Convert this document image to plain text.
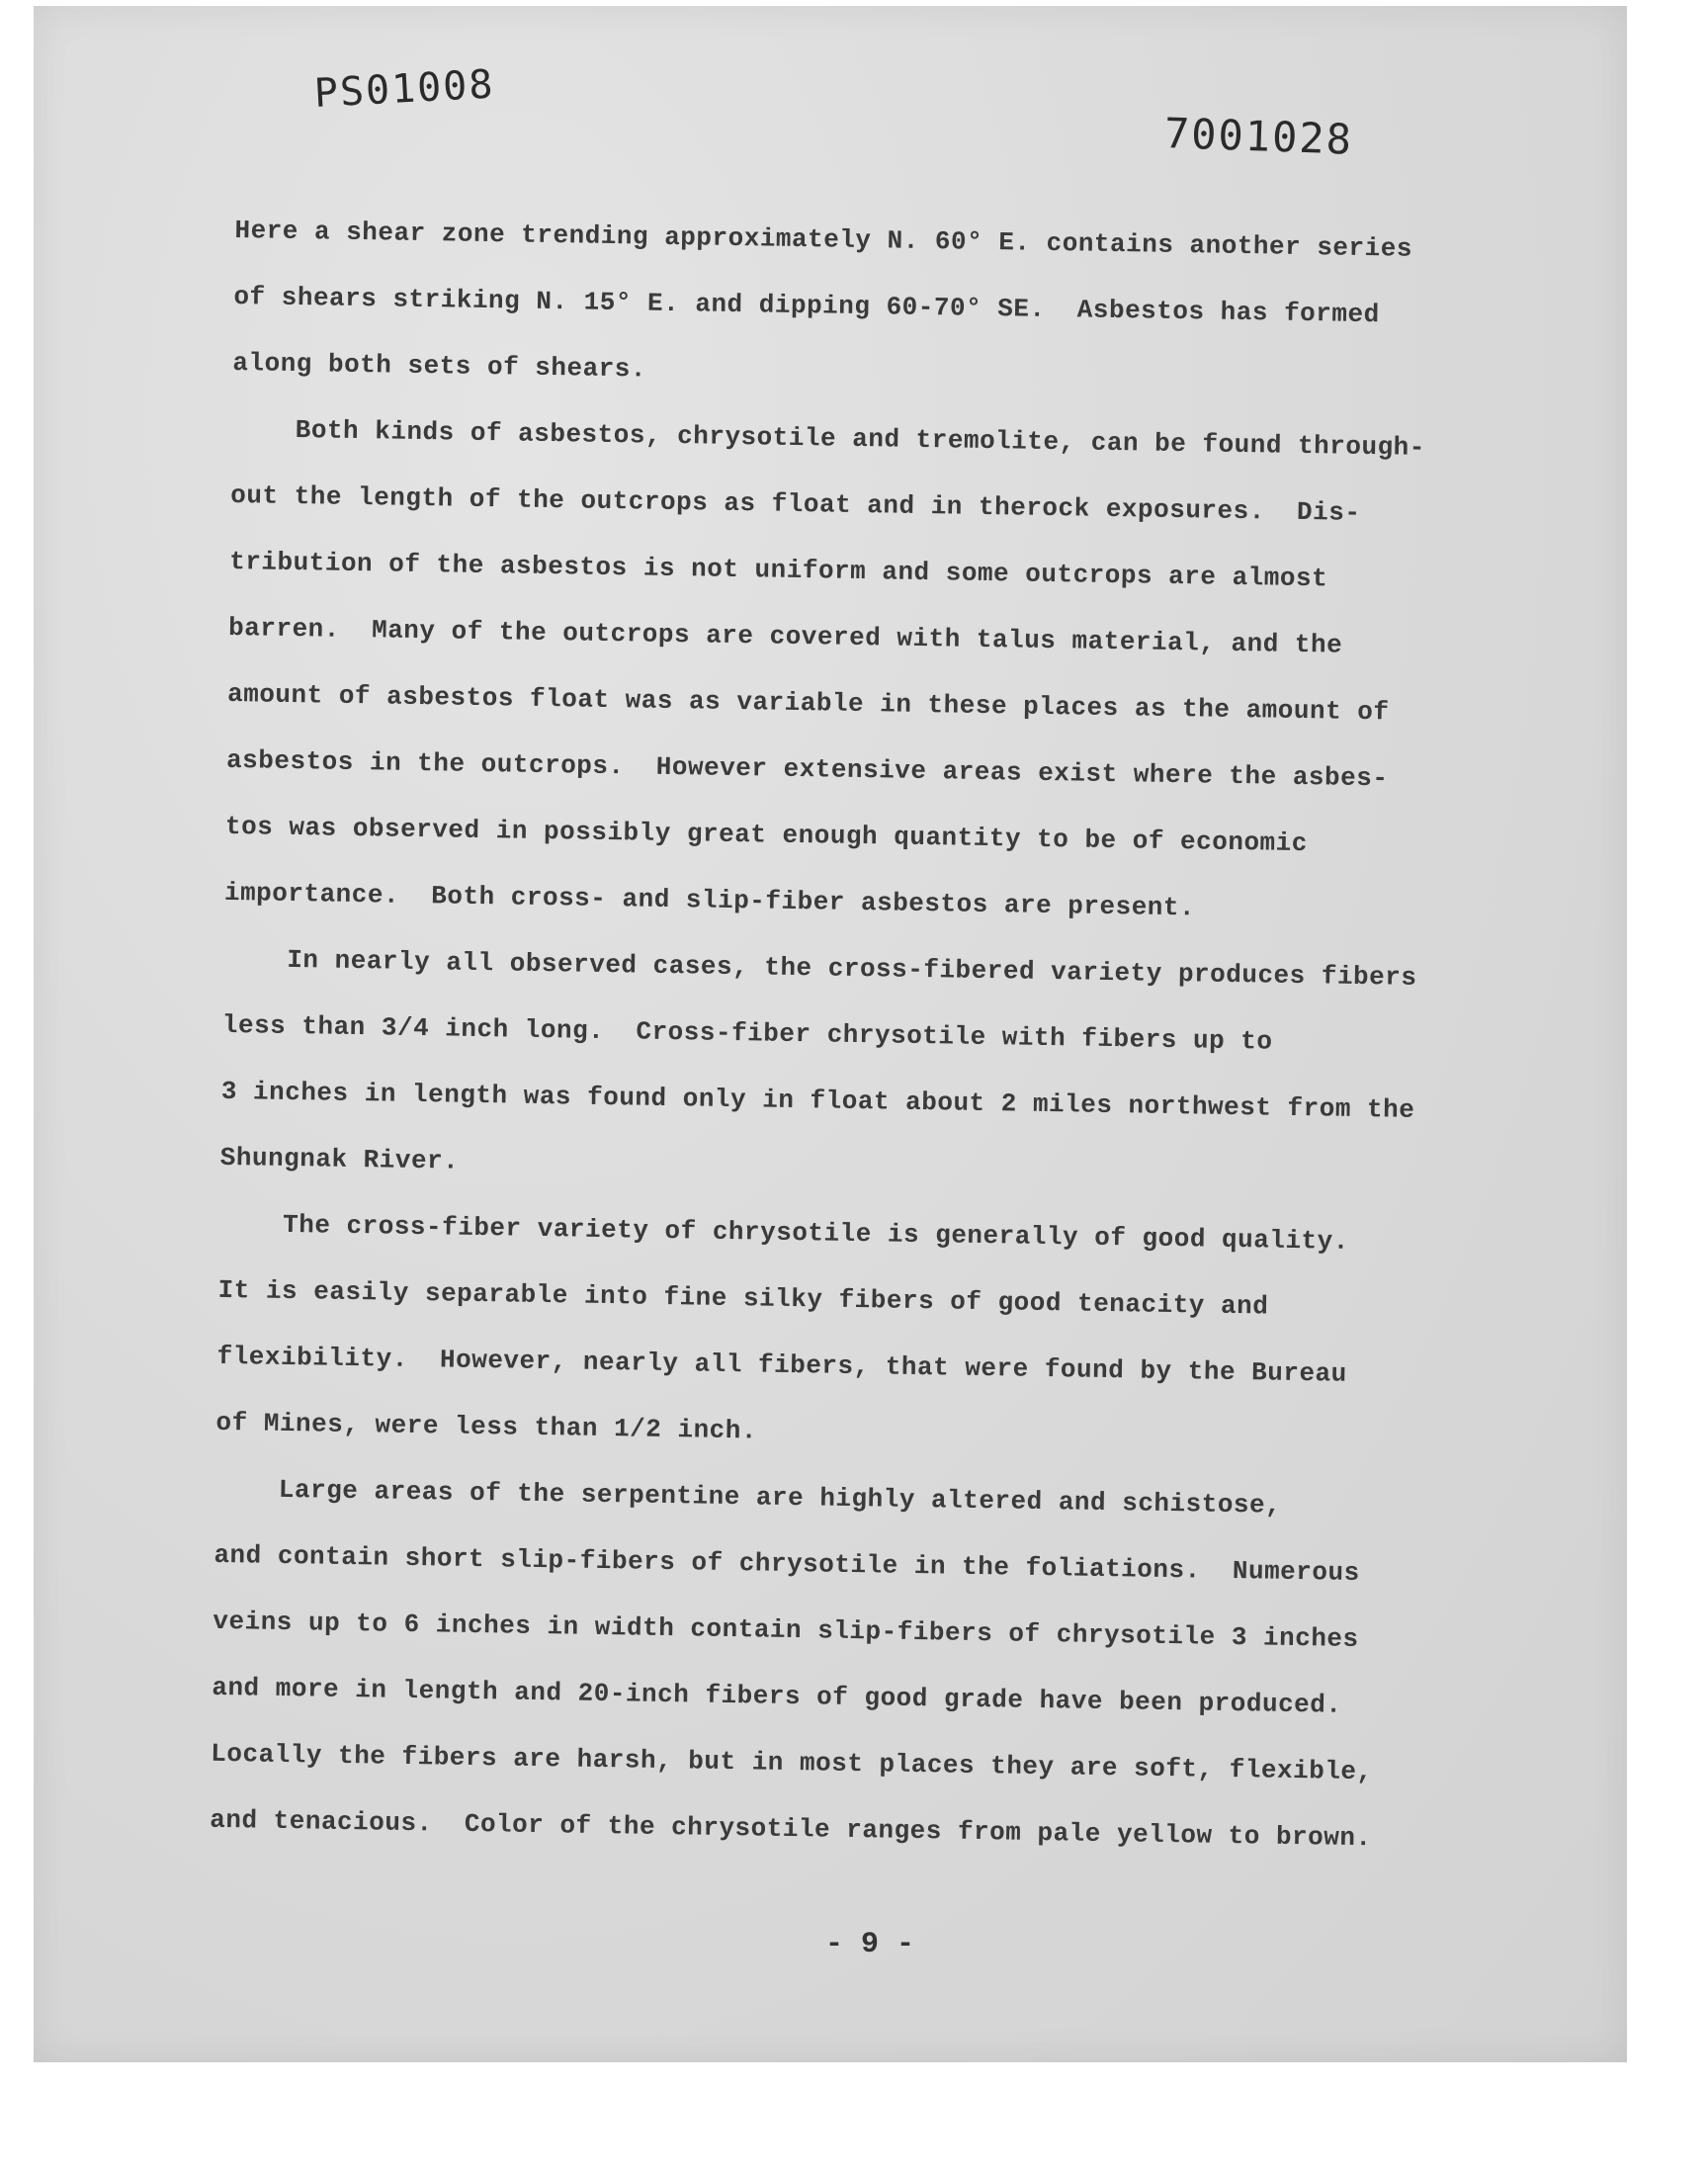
PS01008
7001028
Here a shear zone trending approximately N. 60° E. contains another series
of shears striking N. 15° E. and dipping 60-70° SE.  Asbestos has formed
along both sets of shears.
Both kinds of asbestos, chrysotile and tremolite, can be found through-
out the length of the outcrops as float and in therock exposures.  Dis-
tribution of the asbestos is not uniform and some outcrops are almost
barren.  Many of the outcrops are covered with talus material, and the
amount of asbestos float was as variable in these places as the amount of
asbestos in the outcrops.  However extensive areas exist where the asbes-
tos was observed in possibly great enough quantity to be of economic
importance.  Both cross- and slip-fiber asbestos are present.
In nearly all observed cases, the cross-fibered variety produces fibers
less than 3/4 inch long.  Cross-fiber chrysotile with fibers up to
3 inches in length was found only in float about 2 miles northwest from the
Shungnak River.
The cross-fiber variety of chrysotile is generally of good quality.
It is easily separable into fine silky fibers of good tenacity and
flexibility.  However, nearly all fibers, that were found by the Bureau
of Mines, were less than 1/2 inch.
Large areas of the serpentine are highly altered and schistose,
and contain short slip-fibers of chrysotile in the foliations.  Numerous
veins up to 6 inches in width contain slip-fibers of chrysotile 3 inches
and more in length and 20-inch fibers of good grade have been produced.
Locally the fibers are harsh, but in most places they are soft, flexible,
and tenacious.  Color of the chrysotile ranges from pale yellow to brown.
- 9 -
